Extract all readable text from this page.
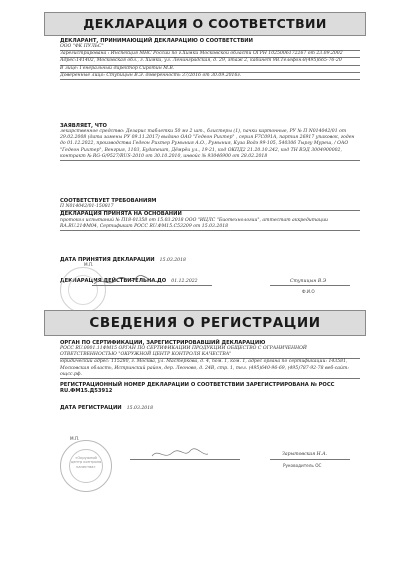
ДЕКЛАРАЦИЯ О СООТВЕТСТВИИ
ДЕКЛАРАНТ, ПРИНИМАЮЩИЙ ДЕКЛАРАЦИЮ О СООТВЕТСТВИИ

ООО "ФК ПУЛЬС"

Зарегистрирована : Инспекция МНС России по г.Химки Московской области ОГРН 1025006172267 от 23.09.2002

Адрес:141402, Московская обл., г. Химки, ул. Ленинградская, д. 29, этаж 2, кабинет 9В.Телефон:8(495)665-76-20

В лице: Генеральный директор Сиротин М.В.

Доверенные лицо: Ступицын В.Э. доверенность 37/2016 от 30.09.2016г.

ЗАЯВЛЯЕТ, ЧТО

лекарственное средство: Дезарис таблетки 50 мг 2 шт., блистеры (1), пачки картонные, РУ № П N014042/01 от 29.02.2008 (дата замены РУ 09.11.2017) выдано ОАО "Гедеон Рихтер" , серия F7C091A, партия 26917 упаковок, годен до 01.12.2022, производства Гедеон Рихтер Румыния А.О., Румыния, Куза Водэ 99-105, 540306 Тыргу Муреш, / ОАО "Гедеон Рихтер", Венгрия, 1103, Будапешт, Дёмрёи ул., 19-21, код ОКПД2 21.20.10.242, код ТН ВЭД 3004900002, контракт № RG-G/9527/RUS-2010 от 30.10.2010, инвойс № 93046900 от 28.02.2018

СООТВЕТСТВУЕТ ТРЕБОВАНИЯМ

П N014042/01-150817

ДЕКЛАРАЦИЯ ПРИНЯТА НА ОСНОВАНИИ

протокол испытаний № П18-01358 от 15.03.2018 ООО "ИЦЛС "Биотехнологии", аттестат аккредитации RA.RU.21ФМ04, Сертификат РОСС RU.ФМ15.С53209 от 15.03.2018

ДАТА ПРИНЯТИЯ ДЕКЛАРАЦИИ 15.03.2018
ДЕКЛАРАЦИЯ ДЕЙСТВИТЕЛЬНА ДО 01.12.2022
М.П.
Ступицын В.Э
Ф.И.О
СВЕДЕНИЯ О РЕГИСТРАЦИИ
ОРГАН ПО СЕРТИФИКАЦИИ, ЗАРЕГИСТРИРОВАВШИЙ ДЕКЛАРАЦИЮ

РОСС RU.0001.11ФМ15 ОРГАН ПО СЕРТИФИКАЦИИ ПРОДУКЦИИ ОБЩЕСТВО С ОГРАНИЧЕННОЙ ОТВЕТСТВЕННОСТЬЮ "ОКРУЖНОЙ ЦЕНТР КОНТРОЛЯ КАЧЕСТВА"

юридический адрес: 115280, г. Москва, ул. Мастеркова, д. 4, пом. 1, ком. 1, адрес органа по сертификации: 143581, Московская область, Истринский район, дер. Леоново, д. 24В, стр. 1, тел. (495)640-96-69, (495)787-92-78 веб-сайт: ощсс.рф.

РЕГИСТРАЦИОННЫЙ НОМЕР ДЕКЛАРАЦИИ О СООТВЕТСТВИИ ЗАРЕГИСТРИРОВАНА № РОСС RU.ФМ15.Д53912
ДАТА РЕГИСТРАЦИИ 15.03.2018
М.П.
«Окружной
центр контроля
качества»
Зарытовская Н.А.
Руководитель ОС
